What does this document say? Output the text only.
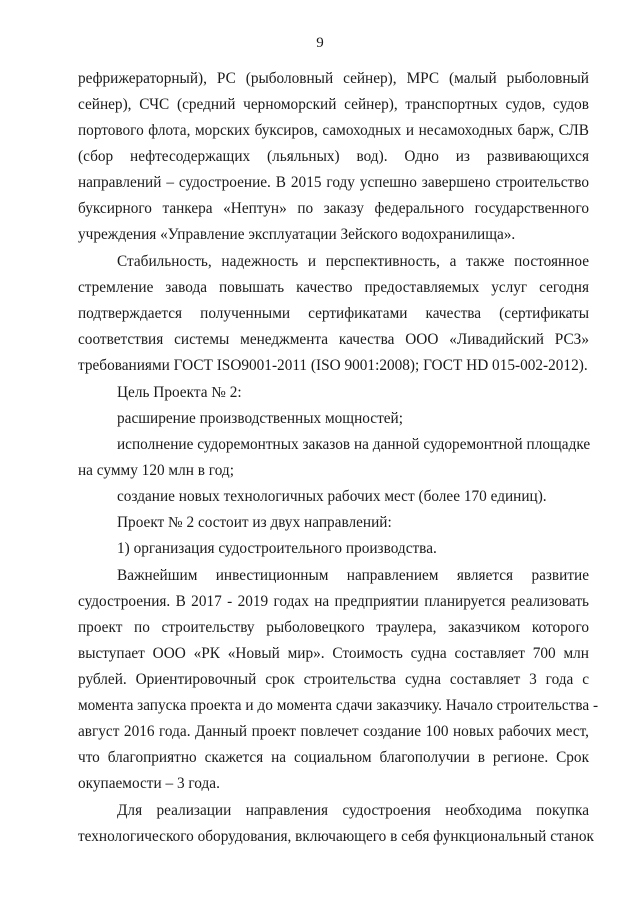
9
рефрижераторный), РС (рыболовный сейнер), МРС (малый рыболовный
сейнер), СЧС (средний черноморский сейнер), транспортных судов, судов
портового флота, морских буксиров, самоходных и несамоходных барж, СЛВ
(сбор нефтесодержащих (льяльных) вод). Одно из развивающихся
направлений – судостроение. В 2015 году успешно завершено строительство
буксирного танкера «Нептун» по заказу федерального государственного
учреждения «Управление эксплуатации Зейского водохранилища».
Стабильность, надежность и перспективность, а также постоянное
стремление завода повышать качество предоставляемых услуг сегодня
подтверждается полученными сертификатами качества (сертификаты
соответствия системы менеджмента качества ООО «Ливадийский РСЗ»
требованиями ГОСТ ISO9001-2011 (ISO 9001:2008); ГОСТ HD 015-002-2012).
Цель Проекта № 2:
расширение производственных мощностей;
исполнение судоремонтных заказов на данной судоремонтной площадке
на сумму 120 млн в год;
создание новых технологичных рабочих мест (более 170 единиц).
Проект № 2 состоит из двух направлений:
1) организация судостроительного производства.
Важнейшим инвестиционным направлением является развитие
судостроения. В 2017 - 2019 годах на предприятии планируется реализовать
проект по строительству рыболовецкого траулера, заказчиком которого
выступает ООО «РК «Новый мир». Стоимость судна составляет 700 млн
рублей. Ориентировочный срок строительства судна составляет 3 года с
момента запуска проекта и до момента сдачи заказчику. Начало строительства -
август 2016 года. Данный проект повлечет создание 100 новых рабочих мест,
что благоприятно скажется на социальном благополучии в регионе. Срок
окупаемости – 3 года.
Для реализации направления судостроения необходима покупка
технологического оборудования, включающего в себя функциональный станок
